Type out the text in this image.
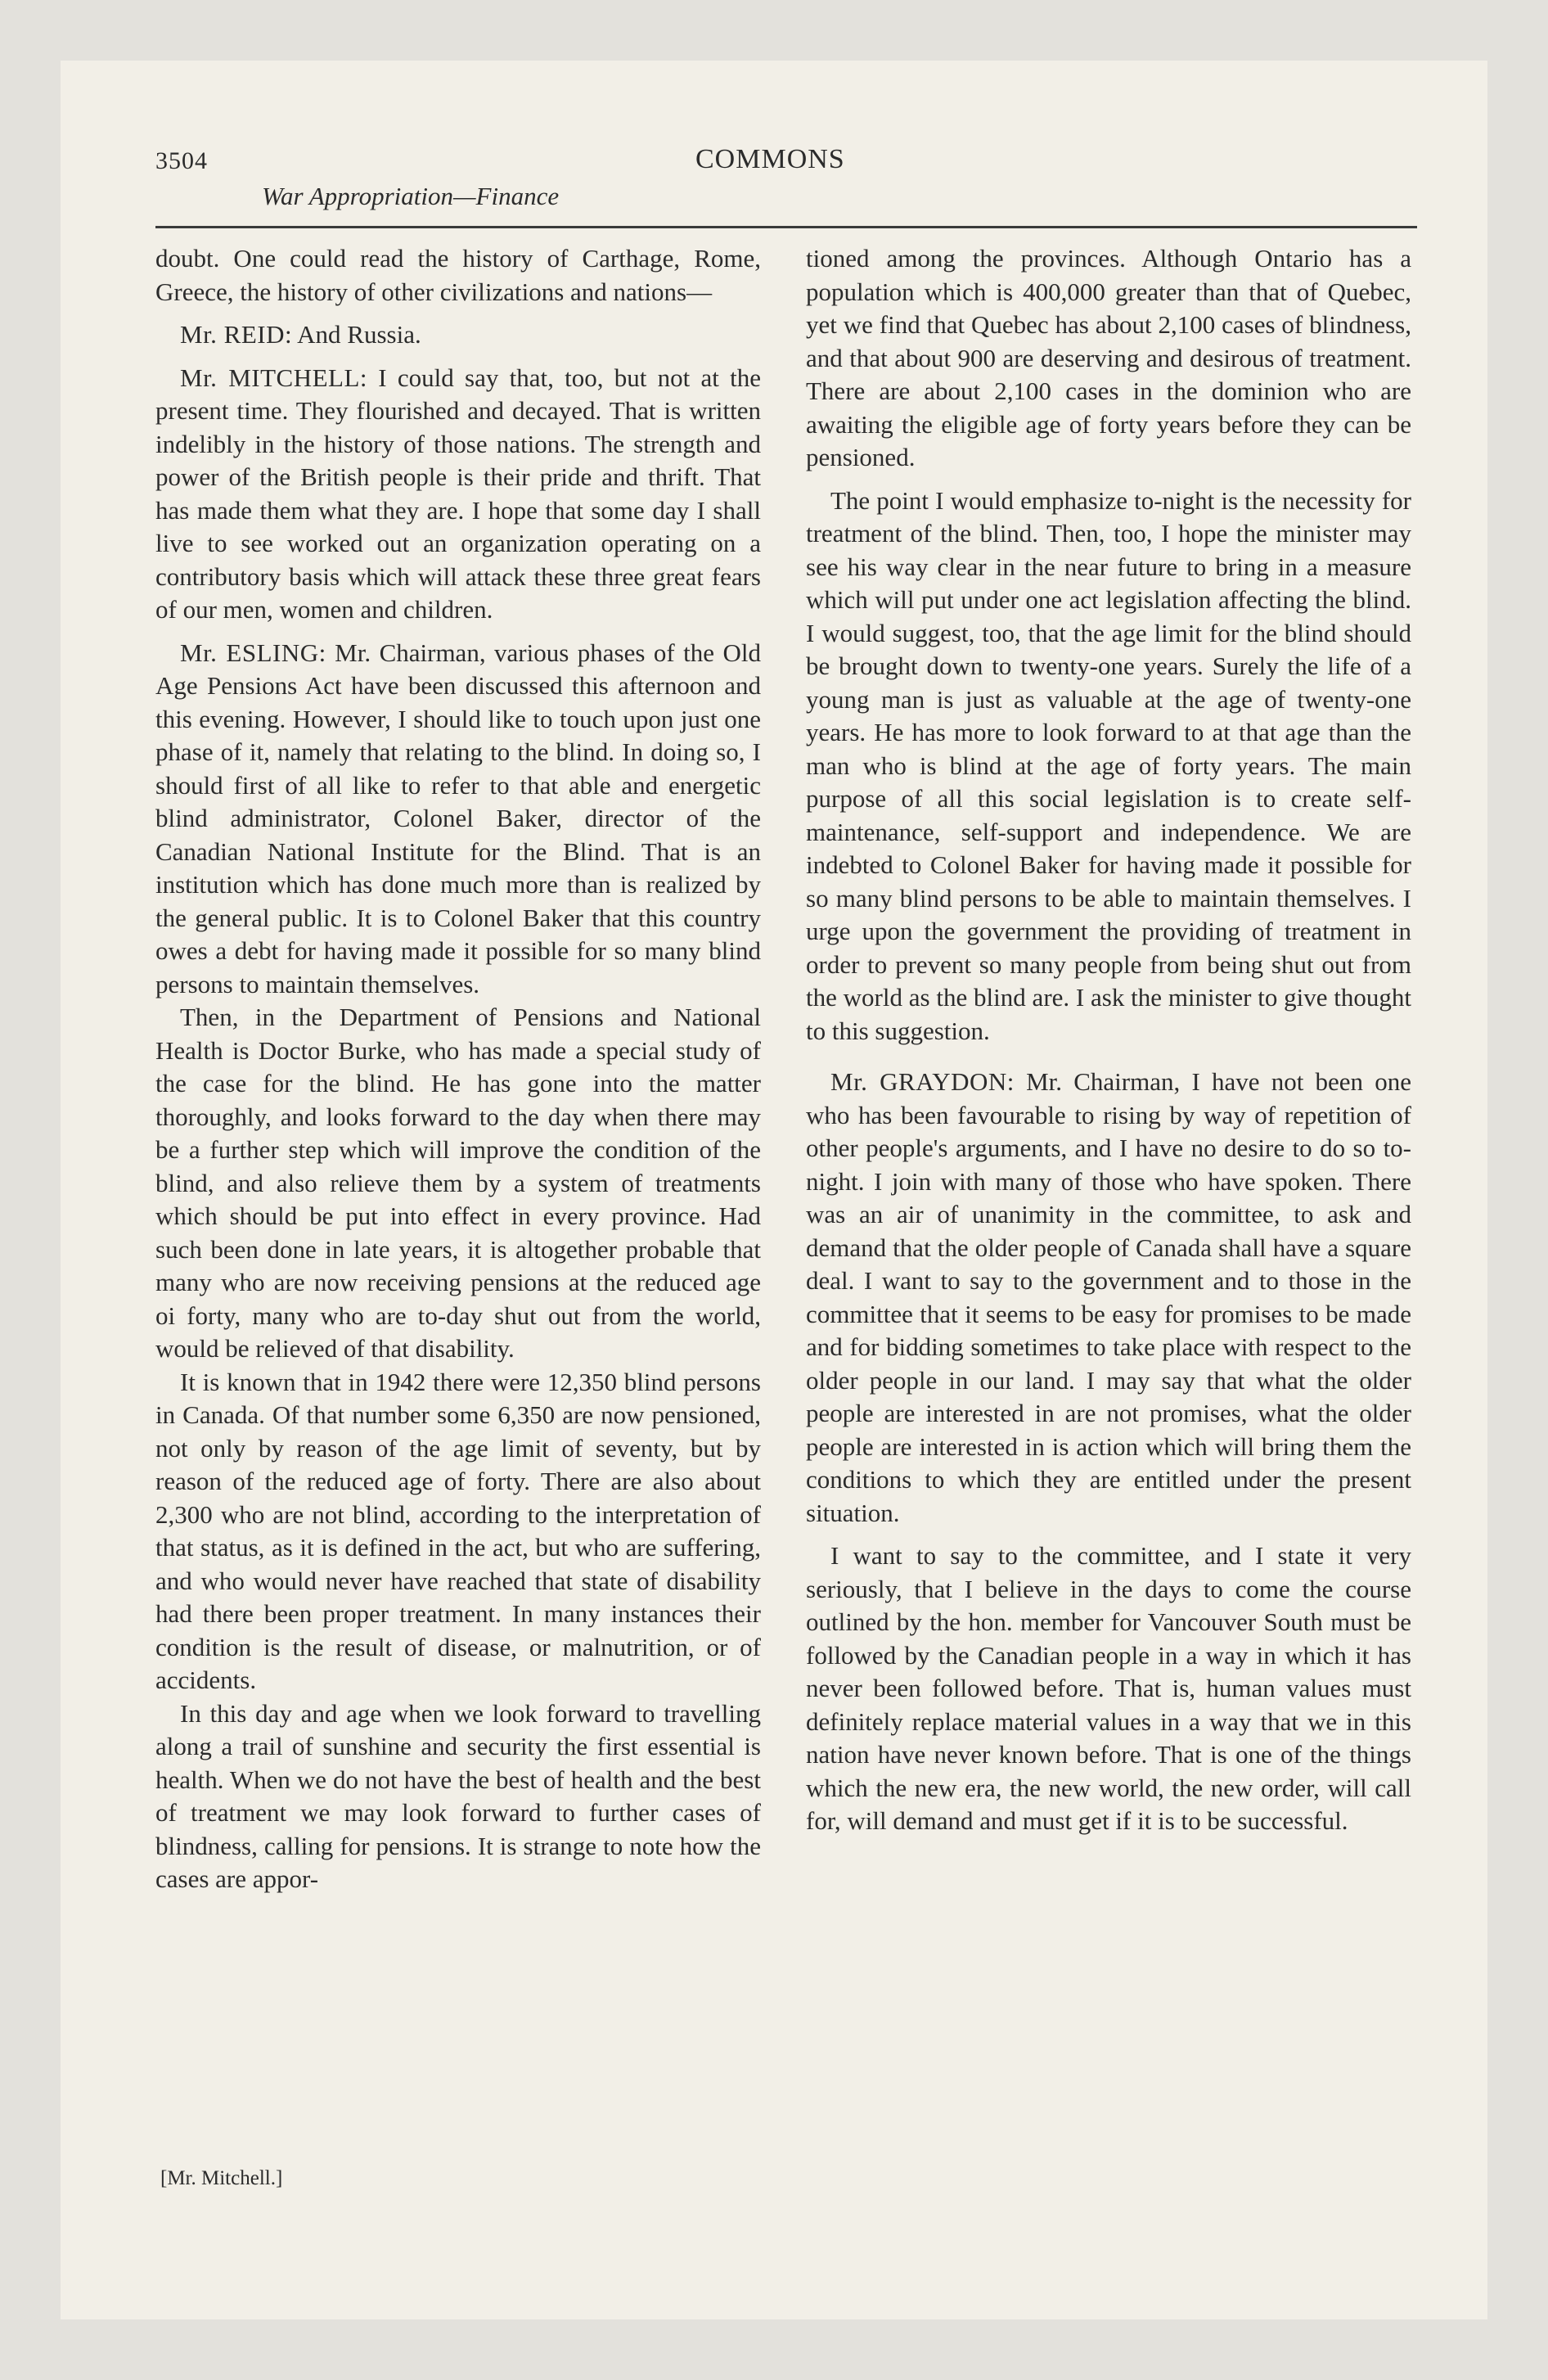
3504	COMMONS
War Appropriation—Finance

doubt. One could read the history of Carthage, Rome, Greece, the history of other civilizations and nations—

Mr. REID: And Russia.

Mr. MITCHELL: I could say that, too, but not at the present time. They flourished and decayed. That is written indelibly in the history of those nations. The strength and power of the British people is their pride and thrift. That has made them what they are. I hope that some day I shall live to see worked out an organization operating on a contributory basis which will attack these three great fears of our men, women and children.

Mr. ESLING: Mr. Chairman, various phases of the Old Age Pensions Act have been discussed this afternoon and this evening. However, I should like to touch upon just one phase of it, namely that relating to the blind. In doing so, I should first of all like to refer to that able and energetic blind administrator, Colonel Baker, director of the Canadian National Institute for the Blind. That is an institution which has done much more than is realized by the general public. It is to Colonel Baker that this country owes a debt for having made it possible for so many blind persons to maintain themselves.

Then, in the Department of Pensions and National Health is Doctor Burke, who has made a special study of the case for the blind. He has gone into the matter thoroughly, and looks forward to the day when there may be a further step which will improve the condition of the blind, and also relieve them by a system of treatments which should be put into effect in every province. Had such been done in late years, it is altogether probable that many who are now receiving pensions at the reduced age oi forty, many who are to-day shut out from the world, would be relieved of that disability.

It is known that in 1942 there were 12,350 blind persons in Canada. Of that number some 6,350 are now pensioned, not only by reason of the age limit of seventy, but by reason of the reduced age of forty. There are also about 2,300 who are not blind, according to the interpretation of that status, as it is defined in the act, but who are suffering, and who would never have reached that state of disability had there been proper treatment. In many instances their condition is the result of disease, or malnutrition, or of accidents.

In this day and age when we look forward to travelling along a trail of sunshine and security the first essential is health. When we do not have the best of health and the best of treatment we may look forward to further cases of blindness, calling for pensions. It is strange to note how the cases are appor-

tioned among the provinces. Although Ontario has a population which is 400,000 greater than that of Quebec, yet we find that Quebec has about 2,100 cases of blindness, and that about 900 are deserving and desirous of treatment. There are about 2,100 cases in the dominion who are awaiting the eligible age of forty years before they can be pensioned.

The point I would emphasize to-night is the necessity for treatment of the blind. Then, too, I hope the minister may see his way clear in the near future to bring in a measure which will put under one act legislation affecting the blind. I would suggest, too, that the age limit for the blind should be brought down to twenty-one years. Surely the life of a young man is just as valuable at the age of twenty-one years. He has more to look forward to at that age than the man who is blind at the age of forty years. The main purpose of all this social legislation is to create self-maintenance, self-support and independence. We are indebted to Colonel Baker for having made it possible for so many blind persons to be able to maintain themselves. I urge upon the government the providing of treatment in order to prevent so many people from being shut out from the world as the blind are. I ask the minister to give thought to this suggestion.

Mr. GRAYDON: Mr. Chairman, I have not been one who has been favourable to rising by way of repetition of other people's arguments, and I have no desire to do so to-night. I join with many of those who have spoken. There was an air of unanimity in the committee, to ask and demand that the older people of Canada shall have a square deal. I want to say to the government and to those in the committee that it seems to be easy for promises to be made and for bidding sometimes to take place with respect to the older people in our land. I may say that what the older people are interested in are not promises, what the older people are interested in is action which will bring them the conditions to which they are entitled under the present situation.

I want to say to the committee, and I state it very seriously, that I believe in the days to come the course outlined by the hon. member for Vancouver South must be followed by the Canadian people in a way in which it has never been followed before. That is, human values must definitely replace material values in a way that we in this nation have never known before. That is one of the things which the new era, the new world, the new order, will call for, will demand and must get if it is to be successful.

[Mr. Mitchell.]
